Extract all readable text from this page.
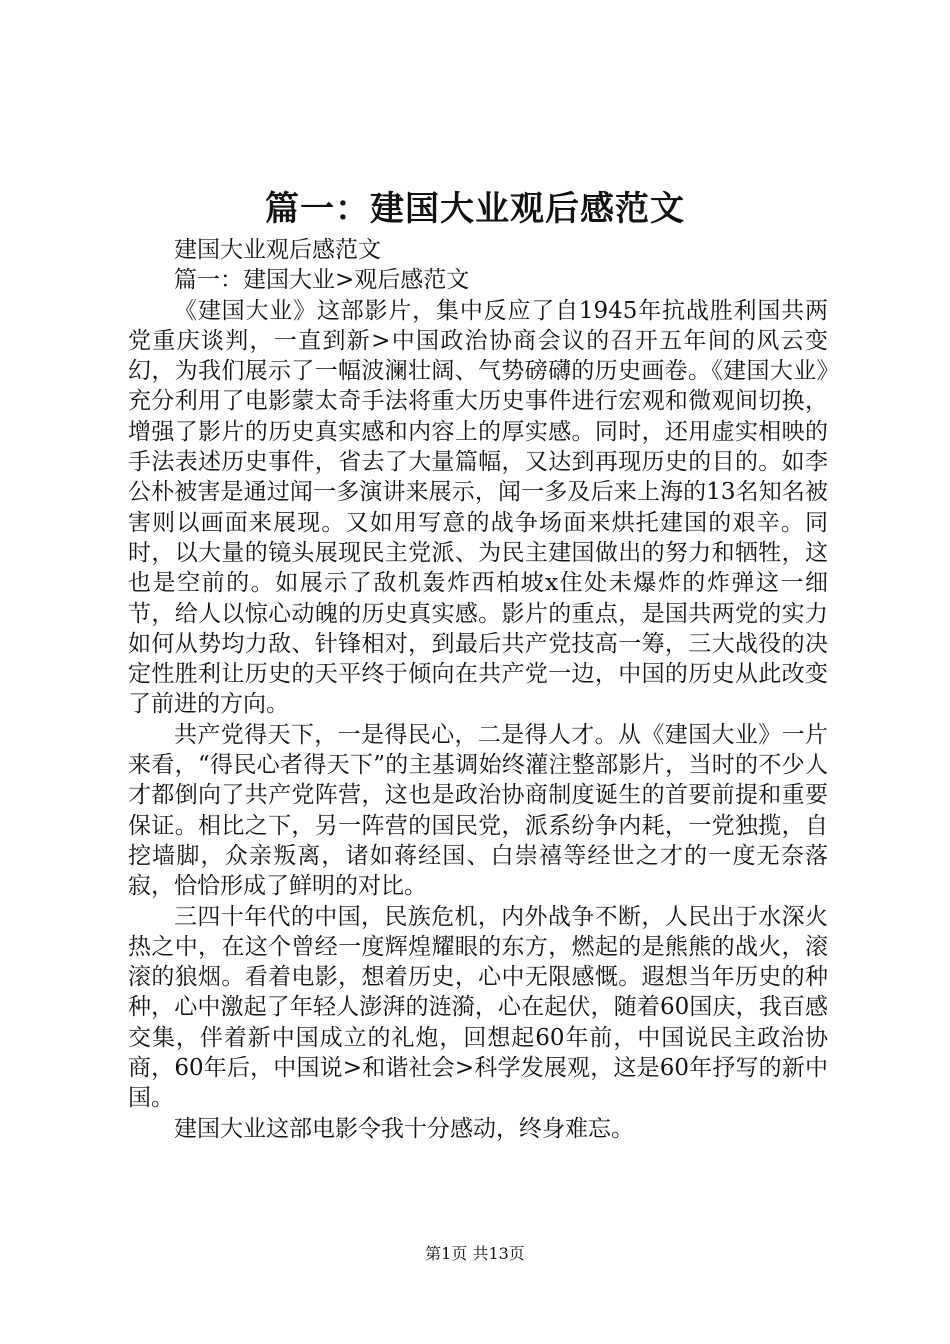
篇一：建国大业观后感范文

建国大业观后感范文

篇一：建国大业>观后感范文

《建国大业》这部影片，集中反应了自1945年抗战胜利国共两党重庆谈判，一直到新>中国政治协商会议的召开五年间的风云变幻，为我们展示了一幅波澜壮阔、气势磅礴的历史画卷。《建国大业》充分利用了电影蒙太奇手法将重大历史事件进行宏观和微观间切换，增强了影片的历史真实感和内容上的厚实感。同时，还用虚实相映的手法表述历史事件，省去了大量篇幅，又达到再现历史的目的。如李公朴被害是通过闻一多演讲来展示，闻一多及后来上海的13名知名被害则以画面来展现。又如用写意的战争场面来烘托建国的艰辛。同时，以大量的镜头展现民主党派、为民主建国做出的努力和牺牲，这也是空前的。如展示了敌机轰炸西柏坡x住处未爆炸的炸弹这一细节，给人以惊心动魄的历史真实感。影片的重点，是国共两党的实力如何从势均力敌、针锋相对，到最后共产党技高一筹，三大战役的决定性胜利让历史的天平终于倾向在共产党一边，中国的历史从此改变了前进的方向。

共产党得天下，一是得民心，二是得人才。从《建国大业》一片来看，“得民心者得天下”的主基调始终灌注整部影片，当时的不少人才都倒向了共产党阵营，这也是政治协商制度诞生的首要前提和重要保证。相比之下，另一阵营的国民党，派系纷争内耗，一党独揽，自挖墙脚，众亲叛离，诸如蒋经国、白崇禧等经世之才的一度无奈落寂，恰恰形成了鲜明的对比。

三四十年代的中国，民族危机，内外战争不断，人民出于水深火热之中，在这个曾经一度辉煌耀眼的东方，燃起的是熊熊的战火，滚滚的狼烟。看着电影，想着历史，心中无限感慨。遐想当年历史的种种，心中激起了年轻人澎湃的涟漪，心在起伏，随着60国庆，我百感交集，伴着新中国成立的礼炮，回想起60年前，中国说民主政治协商，60年后，中国说>和谐社会>科学发展观，这是60年抒写的新中国。

建国大业这部电影令我十分感动，终身难忘。

第1页 共13页
